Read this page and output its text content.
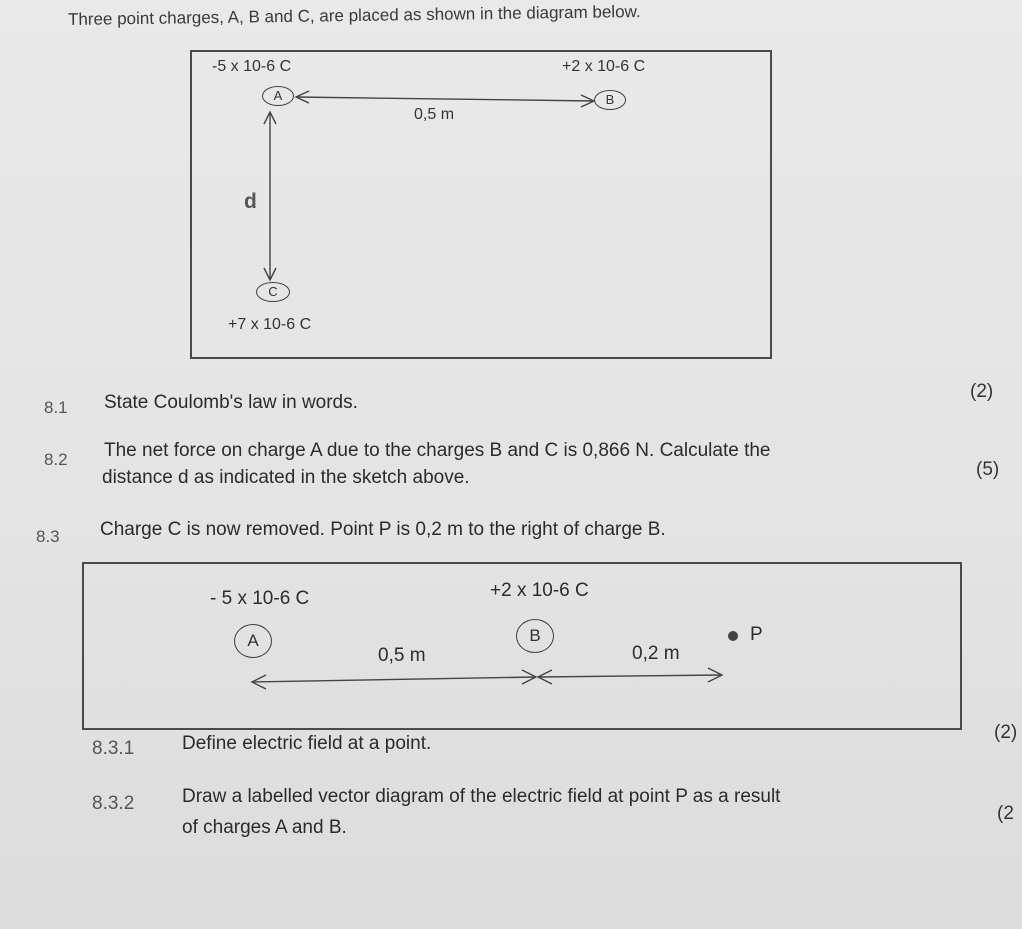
Three point charges, A, B and C, are placed as shown in the diagram below.
-5 x 10-6 C	+2 x 10-6 C
+7 x 10-6 C
0,5 m
d
A	B
C
8.1 State Coulomb's law in words.
(2)
8.2 The net force on charge A due to the charges B and C is 0,866 N. Calculate the
distance d as indicated in the sketch above.	(5)
8.3 Charge C is now removed. Point P is 0,2 m to the right of charge B.
- 5 x 10-6 C	+2 x 10-6 C
0,5 m	0,2 m
P
A	B
8.3.1	Define electric field at a point.
(2)
8.3.2	Draw a labelled vector diagram of the electric field at point P as a result
of charges A and B.
(2
